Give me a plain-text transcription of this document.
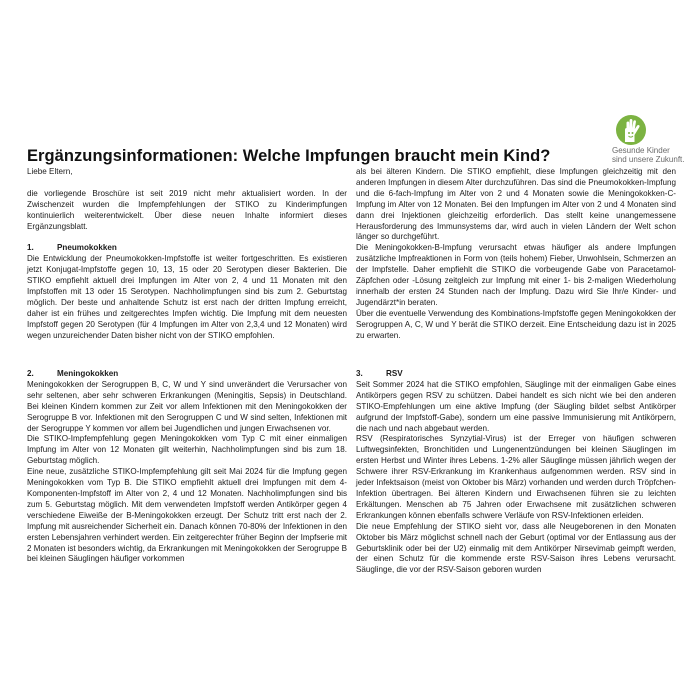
Gesunde Kinder
sind unsere Zukunft.
Ergänzungsinformationen: Welche Impfungen braucht mein Kind?

Liebe Eltern,

die vorliegende Broschüre ist seit 2019 nicht mehr aktualisiert worden. In der Zwischenzeit wurden die Impfempfehlungen der STIKO zu Kinderimpfungen kontinuierlich weiterentwickelt. Über diese neuen Inhalte informiert dieses Ergänzungsblatt.

1.	Pneumokokken

Die Entwicklung der Pneumokokken-Impfstoffe ist weiter fortgeschritten. Es existieren jetzt Konjugat-Impfstoffe gegen 10, 13, 15 oder 20 Serotypen dieser Bakterien. Die STIKO empfiehlt aktuell drei Impfungen im Alter von 2, 4 und 11 Monaten mit den Impfstoffen mit 13 oder 15 Serotypen. Nachholimpfungen sind bis zum 2. Geburtstag möglich. Der beste und anhaltende Schutz ist erst nach der dritten Impfung erreicht, daher ist ein frühes und zeitgerechtes Impfen wichtig. Die Impfung mit dem neuesten Impfstoff gegen 20 Serotypen (für 4 Impfungen im Alter von 2,3,4 und 12 Monaten) wird wegen unzureichender Daten bisher nicht von der STIKO empfohlen.

als bei älteren Kindern. Die STIKO empfiehlt, diese Impfungen gleichzeitig mit den anderen Impfungen in diesem Alter durchzuführen. Das sind die Pneumokokken-Impfung und die 6-fach-Impfung im Alter von 2 und 4 Monaten sowie die Meningokokken-C-Impfung im Alter von 12 Monaten. Bei den Impfungen im Alter von 2 und 4 Monaten sind dann drei Injektionen gleichzeitig erforderlich. Das stellt keine unangemessene Herausforderung des Immunsystems dar, wird auch in vielen Ländern der Welt schon länger so durchgeführt.

Die Meningokokken-B-Impfung verursacht etwas häufiger als andere Impfungen zusätzliche Impfreaktionen in Form von (teils hohem) Fieber, Unwohlsein, Schmerzen an der Impfstelle. Daher empfiehlt die STIKO die vorbeugende Gabe von Paracetamol-Zäpfchen oder -Lösung zeitgleich zur Impfung mit einer 1- bis 2-maligen Wiederholung innerhalb der ersten 24 Stunden nach der Impfung. Dazu wird Sie Ihr/e Kinder- und Jugendärzt*in beraten.

Über die eventuelle Verwendung des Kombinations-Impfstoffe gegen Meningokokken der Serogruppen A, C, W und Y berät die STIKO derzeit. Eine Entscheidung dazu ist in 2025 zu erwarten.

2.	Meningokokken

Meningokokken der Serogruppen B, C, W und Y sind unverändert die Verursacher von sehr seltenen, aber sehr schweren Erkrankungen (Meningitis, Sepsis) in Deutschland. Bei kleinen Kindern kommen zur Zeit vor allem Infektionen mit den Meningokokken der Serogruppe B vor. Infektionen mit den Serogruppen C und W sind selten, Infektionen mit der Serogruppe Y kommen vor allem bei Jugendlichen und jungen Erwachsenen vor.

Die STIKO-Impfempfehlung gegen Meningokokken vom Typ C mit einer einmaligen Impfung im Alter von 12 Monaten gilt weiterhin, Nachholimpfungen sind bis zum 18. Geburtstag möglich.

Eine neue, zusätzliche STIKO-Impfempfehlung gilt seit Mai 2024 für die Impfung gegen Meningokokken vom Typ B. Die STIKO empfiehlt aktuell drei Impfungen mit dem 4-Komponenten-Impfstoff im Alter von 2, 4 und 12 Monaten. Nachholimpfungen sind bis zum 5. Geburtstag möglich. Mit dem verwendeten Impfstoff werden Antikörper gegen 4 verschiedene Eiweiße der B-Meningokokken erzeugt. Der Schutz tritt erst nach der 2. Impfung mit ausreichender Sicherheit ein. Danach können 70-80% der Infektionen in den ersten Lebensjahren verhindert werden. Ein zeitgerechter früher Beginn der Impfserie mit 2 Monaten ist besonders wichtig, da Erkrankungen mit Meningokokken der Serogruppe B bei kleinen Säuglingen häufiger vorkommen

3.	RSV

Seit Sommer 2024 hat die STIKO empfohlen, Säuglinge mit der einmaligen Gabe eines Antikörpers gegen RSV zu schützen. Dabei handelt es sich nicht wie bei den anderen STIKO-Empfehlungen um eine aktive Impfung (der Säugling bildet selbst Antikörper aufgrund der Impfstoff-Gabe), sondern um eine passive Immunisierung mit Antikörpern, die nach und nach abgebaut werden.

RSV (Respiratorisches Synzytial-Virus) ist der Erreger von häufigen schweren Luftwegsinfekten, Bronchitiden und Lungenentzündungen bei kleinen Säuglingen im ersten Herbst und Winter ihres Lebens. 1-2% aller Säuglinge müssen jährlich wegen der Schwere ihrer RSV-Erkrankung im Krankenhaus aufgenommen werden. RSV sind in jeder Infektsaison (meist von Oktober bis März) vorhanden und werden durch Tröpfchen-Infektion übertragen. Bei älteren Kindern und Erwachsenen führen sie zu leichten Erkältungen. Menschen ab 75 Jahren oder Erwachsene mit zusätzlichen schweren Erkrankungen können ebenfalls schwere Verläufe von RSV-Infektionen erleiden.

Die neue Empfehlung der STIKO sieht vor, dass alle Neugeborenen in den Monaten Oktober bis März möglichst schnell nach der Geburt (optimal vor der Entlassung aus der Geburtsklinik oder bei der U2) einmalig mit dem Antikörper Nirsevimab geimpft werden, der einen Schutz für die kommende erste RSV-Saison ihres Lebens verursacht. Säuglinge, die vor der RSV-Saison geboren wurden
